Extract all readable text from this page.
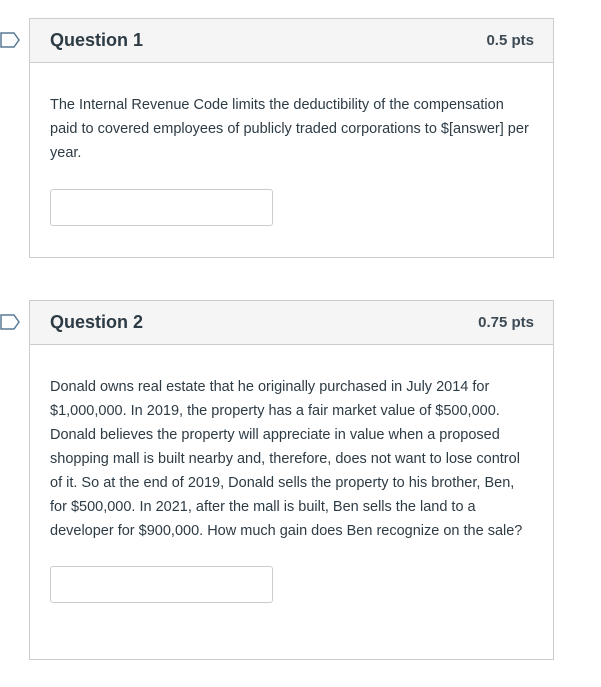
Question 1	0.5 pts

The Internal Revenue Code limits the deductibility of the compensation paid to covered employees of publicly traded corporations to $[answer] per year.

Question 2	0.75 pts

Donald owns real estate that he originally purchased in July 2014 for $1,000,000. In 2019, the property has a fair market value of $500,000. Donald believes the property will appreciate in value when a proposed shopping mall is built nearby and, therefore, does not want to lose control of it. So at the end of 2019, Donald sells the property to his brother, Ben, for $500,000. In 2021, after the mall is built, Ben sells the land to a developer for $900,000. How much gain does Ben recognize on the sale?
